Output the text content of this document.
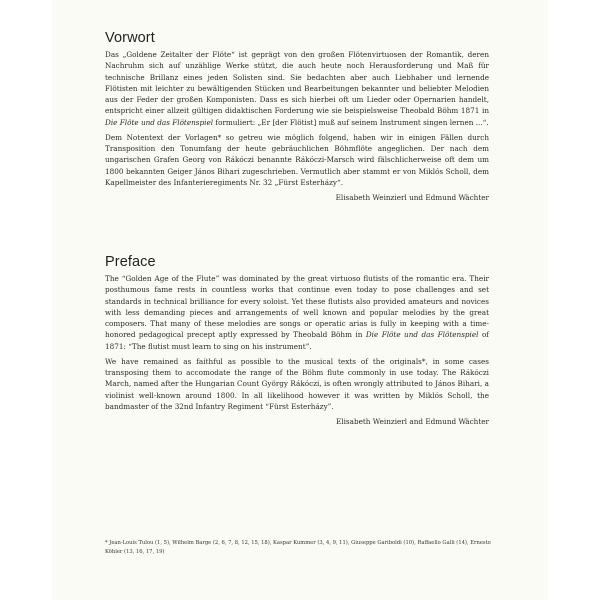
Vorwort

Das „Goldene Zeitalter der Flöte“ ist geprägt von den großen Flötenvirtuosen der Romantik, deren Nachruhm sich auf unzählige Werke stützt, die auch heute noch Herausforderung und Maß für technische Brillanz eines jeden Solisten sind. Sie bedachten aber auch Liebhaber und lernende Flötisten mit leichter zu bewältigenden Stücken und Bearbeitungen bekannter und beliebter Melodien aus der Feder der großen Komponisten. Dass es sich hierbei oft um Lieder oder Opernarien handelt, entspricht einer allzeit gültigen didaktischen Forderung wie sie beispielsweise Theobald Böhm 1871 in Die Flöte und das Flötenspiel formuliert: „Er [der Flötist] muß auf seinem Instrument singen lernen ...“.

Dem Notentext der Vorlagen* so getreu wie möglich folgend, haben wir in einigen Fällen durch Transposition den Tonumfang der heute gebräuchlichen Böhmflöte angeglichen. Der nach dem ungarischen Grafen Georg von Rákóczi benannte Rákóczi-Marsch wird fälschlicherweise oft dem um 1800 bekannten Geiger János Bihari zugeschrieben. Vermutlich aber stammt er von Miklós Scholl, dem Kapellmeister des Infanterieregiments Nr. 32 „Fürst Esterházy“.

Elisabeth Weinzierl und Edmund Wächter
Preface

The “Golden Age of the Flute” was dominated by the great virtuoso flutists of the romantic era. Their posthumous fame rests in countless works that continue even today to pose challenges and set standards in technical brilliance for every soloist. Yet these flutists also provided amateurs and novices with less demanding pieces and arrangements of well known and popular melodies by the great composers. That many of these melodies are songs or operatic arias is fully in keeping with a time-honored pedagogical precept aptly expressed by Theobald Böhm in Die Flöte und das Flötenspiel of 1871: “The flutist must learn to sing on his instrument”.

We have remained as faithful as possible to the musical texts of the originals*, in some cases transposing them to accomodate the range of the Böhm flute commonly in use today. The Rákóczi March, named after the Hungarian Count György Rákóczi, is often wrongly attributed to János Bihari, a violinist well-known around 1800. In all likelihood however it was written by Miklós Scholl, the bandmaster of the 32nd Infantry Regiment “Fürst Esterházy”.

Elisabeth Weinzierl and Edmund Wächter
* Jean-Louis Tulou (1, 5), Wilhelm Barge (2, 6, 7, 8, 12, 15, 18), Kaspar Kummer (3, 4, 9, 11), Giuseppe Gariboldi (10), Raffaello Galli (14), Ernesto Köhler (13, 16, 17, 19)
